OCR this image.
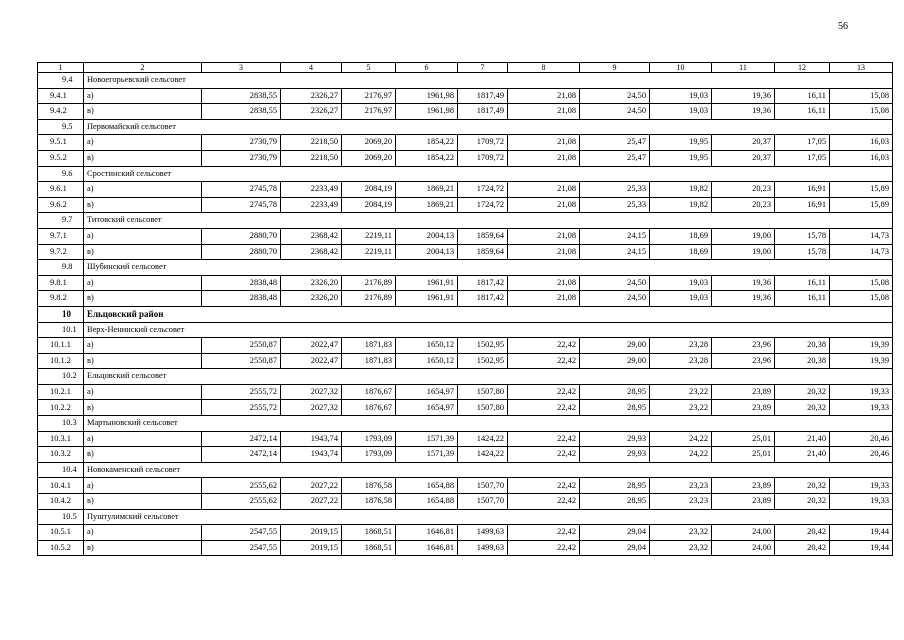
56
1	2	3	4	5	6	7	8	9	10	11	12	13
9.4	Новоегорьевский сельсовет											
9.4.1	а)	2838,55	2326,27	2176,97	1961,98	1817,49	21,08	24,50	19,03	19,36	16,11	15,08
9.4.2	в)	2838,55	2326,27	2176,97	1961,98	1817,49	21,08	24,50	19,03	19,36	16,11	15,08
9.5	Первомайский сельсовет											
9.5.1	а)	2730,79	2218,50	2069,20	1854,22	1709,72	21,08	25,47	19,95	20,37	17,05	16,03
9.5.2	в)	2730,79	2218,50	2069,20	1854,22	1709,72	21,08	25,47	19,95	20,37	17,05	16,03
9.6	Сростинский сельсовет											
9.6.1	а)	2745,78	2233,49	2084,19	1869,21	1724,72	21,08	25,33	19,82	20,23	16,91	15,89
9.6.2	в)	2745,78	2233,49	2084,19	1869,21	1724,72	21,08	25,33	19,82	20,23	16,91	15,89
9.7	Титовский сельсовет											
9.7.1	а)	2880,70	2368,42	2219,11	2004,13	1859,64	21,08	24,15	18,69	19,00	15,78	14,73
9.7.2	в)	2880,70	2368,42	2219,11	2004,13	1859,64	21,08	24,15	18,69	19,00	15,78	14,73
9.8	Шубинский сельсовет											
9.8.1	а)	2838,48	2326,20	2176,89	1961,91	1817,42	21,08	24,50	19,03	19,36	16,11	15,08
9.8.2	в)	2838,48	2326,20	2176,89	1961,91	1817,42	21,08	24,50	19,03	19,36	16,11	15,08
10	Ельцовский район											
10.1	Верх-Ненинский сельсовет											
10.1.1	а)	2550,87	2022,47	1871,83	1650,12	1502,95	22,42	29,00	23,28	23,96	20,38	19,39
10.1.2	в)	2550,87	2022,47	1871,83	1650,12	1502,95	22,42	29,00	23,28	23,96	20,38	19,39
10.2	Ельцовский сельсовет											
10.2.1	а)	2555,72	2027,32	1876,67	1654,97	1507,80	22,42	28,95	23,22	23,89	20,32	19,33
10.2.2	в)	2555,72	2027,32	1876,67	1654,97	1507,80	22,42	28,95	23,22	23,89	20,32	19,33
10.3	Мартыновский сельсовет											
10.3.1	а)	2472,14	1943,74	1793,09	1571,39	1424,22	22,42	29,93	24,22	25,01	21,40	20,46
10.3.2	в)	2472,14	1943,74	1793,09	1571,39	1424,22	22,42	29,93	24,22	25,01	21,40	20,46
10.4	Новокаменский сельсовет											
10.4.1	а)	2555,62	2027,22	1876,58	1654,88	1507,70	22,42	28,95	23,23	23,89	20,32	19,33
10.4.2	в)	2555,62	2027,22	1876,58	1654,88	1507,70	22,42	28,95	23,23	23,89	20,32	19,33
10.5	Пуштулимский сельсовет											
10.5.1	а)	2547,55	2019,15	1868,51	1646,81	1499,63	22,42	29,04	23,32	24,00	20,42	19,44
10.5.2	в)	2547,55	2019,15	1868,51	1646,81	1499,63	22,42	29,04	23,32	24,00	20,42	19,44
